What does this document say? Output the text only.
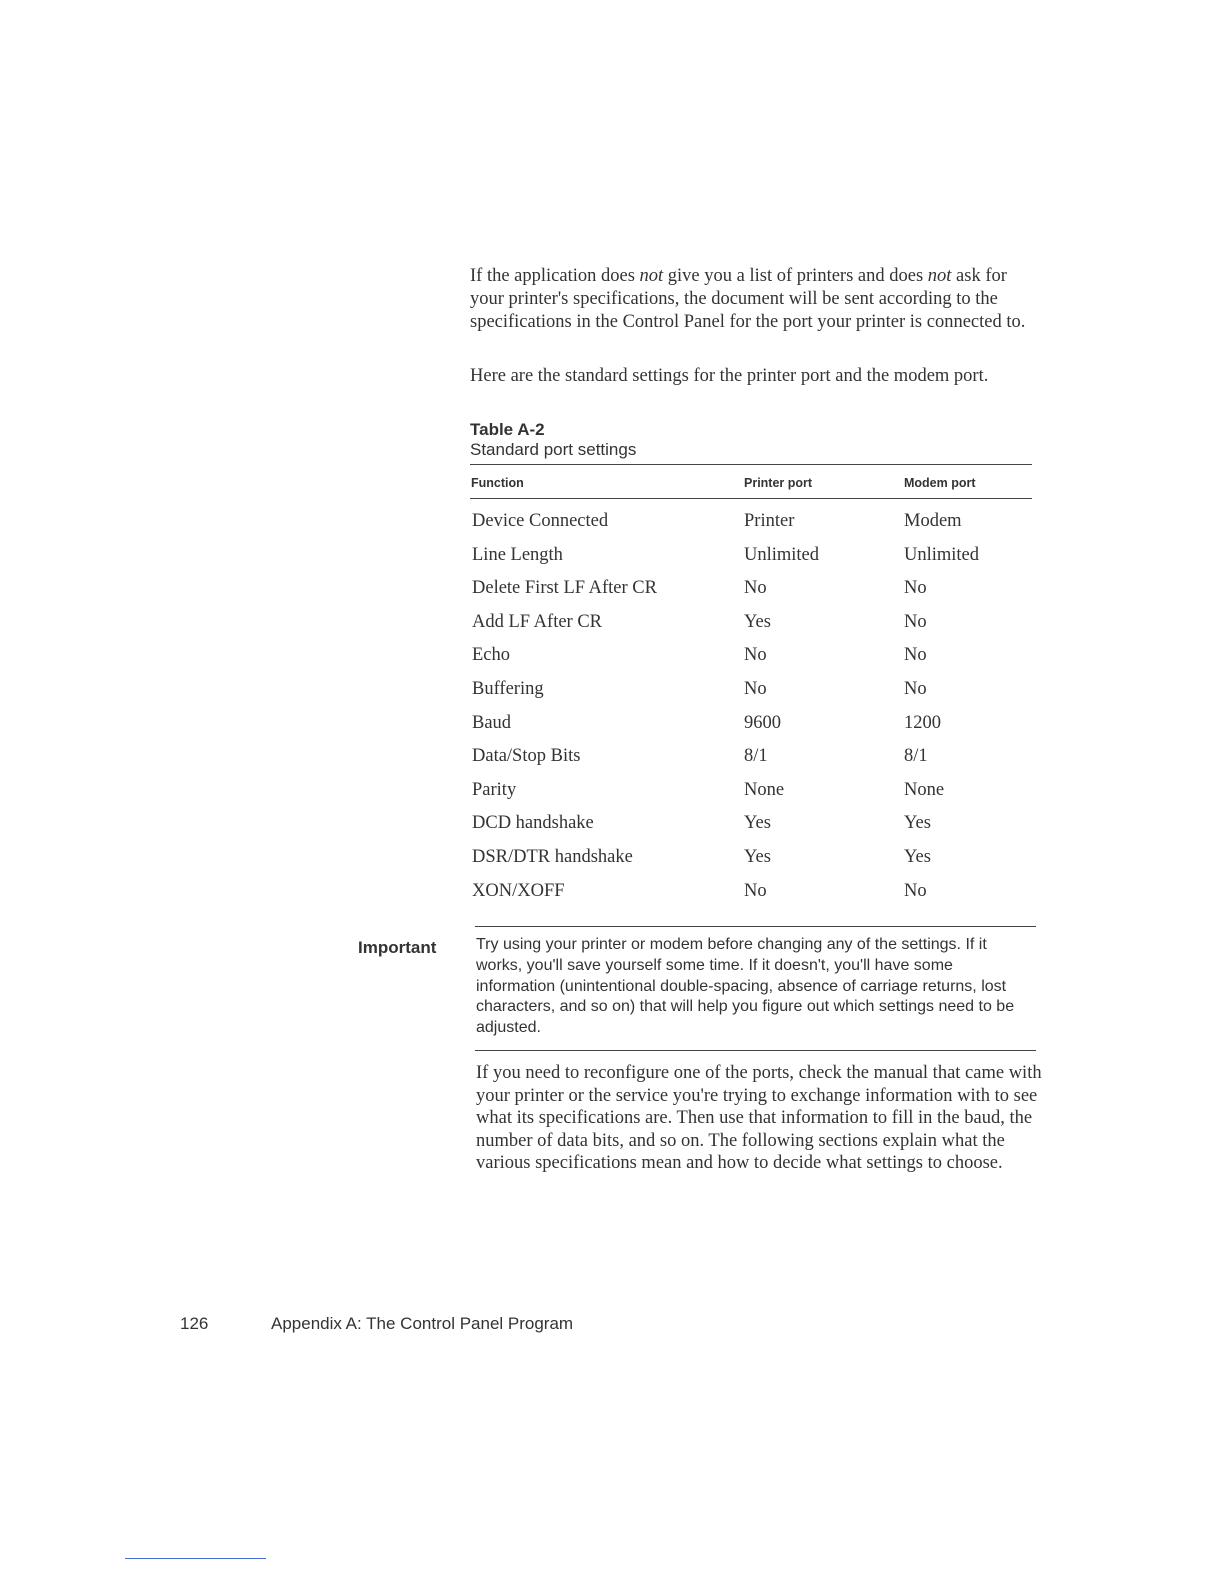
If the application does not give you a list of printers and does not ask for your printer's specifications, the document will be sent according to the specifications in the Control Panel for the port your printer is connected to.
Here are the standard settings for the printer port and the modem port.
Table A-2
Standard port settings
Function	Printer port	Modem port
Device Connected	Printer	Modem
Line Length	Unlimited	Unlimited
Delete First LF After CR	No	No
Add LF After CR	Yes	No
Echo	No	No
Buffering	No	No
Baud	9600	1200
Data/Stop Bits	8/1	8/1
Parity	None	None
DCD handshake	Yes	Yes
DSR/DTR handshake	Yes	Yes
XON/XOFF	No	No
Important Try using your printer or modem before changing any of the settings. If it works, you'll save yourself some time. If it doesn't, you'll have some information (unintentional double-spacing, absence of carriage returns, lost characters, and so on) that will help you figure out which settings need to be adjusted.
If you need to reconfigure one of the ports, check the manual that came with your printer or the service you're trying to exchange information with to see what its specifications are. Then use that information to fill in the baud, the number of data bits, and so on. The following sections explain what the various specifications mean and how to decide what settings to choose.
126	Appendix A: The Control Panel Program
